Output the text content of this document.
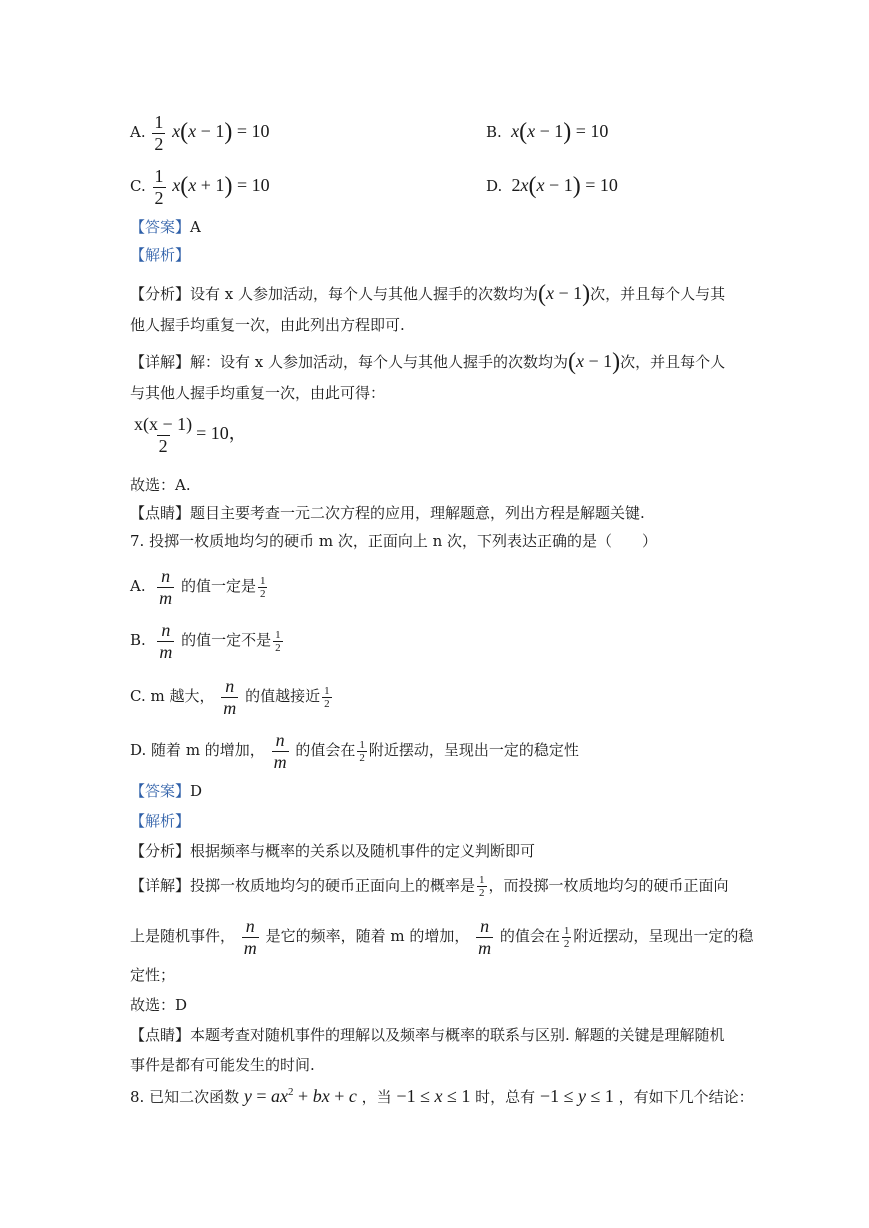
A. $\frac{1}{2} x(x - 1) = 10$	B. x(x − 1) = 10
C. $\frac{1}{2} x(x + 1) = 10$	D.  2x(x − 1) = 10
【答案】A
【解析】
【分析】设有 x 人参加活动，每个人与其他人握手的次数均为(x − 1)次，并且每个人与其
他人握手均重复一次，由此列出方程即可.
【详解】解：设有 x 人参加活动，每个人与其他人握手的次数均为(x − 1)次，并且每个人
与其他人握手均重复一次，由此可得：
$\frac{x(x - 1)}{2} = 10$，
故选：A.
【点睛】题目主要考查一元二次方程的应用，理解题意，列出方程是解题关键.
7. 投掷一枚质地均匀的硬币 m 次，正面向上 n 次，下列表达正确的是（　　）
A. $\frac{n}{m}$ 的值一定是 $\frac{1}{2}$
B. $\frac{n}{m}$ 的值一定不是 $\frac{1}{2}$
C. m 越大， $\frac{n}{m}$ 的值越接近 $\frac{1}{2}$
D. 随着 m 的增加， $\frac{n}{m}$ 的值会在 $\frac{1}{2}$ 附近摆动，呈现出一定的稳定性
【答案】D
【解析】
【分析】根据频率与概率的关系以及随机事件的定义判断即可
【详解】投掷一枚质地均匀的硬币正面向上的概率是 $\frac{1}{2}$ ，而投掷一枚质地均匀的硬币正面向
上是随机事件， $\frac{n}{m}$ 是它的频率，随着 m 的增加， $\frac{n}{m}$ 的值会在 $\frac{1}{2}$ 附近摆动，呈现出一定的稳
定性；
故选：D
【点睛】本题考查对随机事件的理解以及频率与概率的联系与区别. 解题的关键是理解随机
事件是都有可能发生的时间.
8. 已知二次函数 $y = ax^2$ + bx + c ，当 −1 ≤ x ≤ 1 时，总有 −1 ≤ y ≤ 1 ，有如下几个结论：
